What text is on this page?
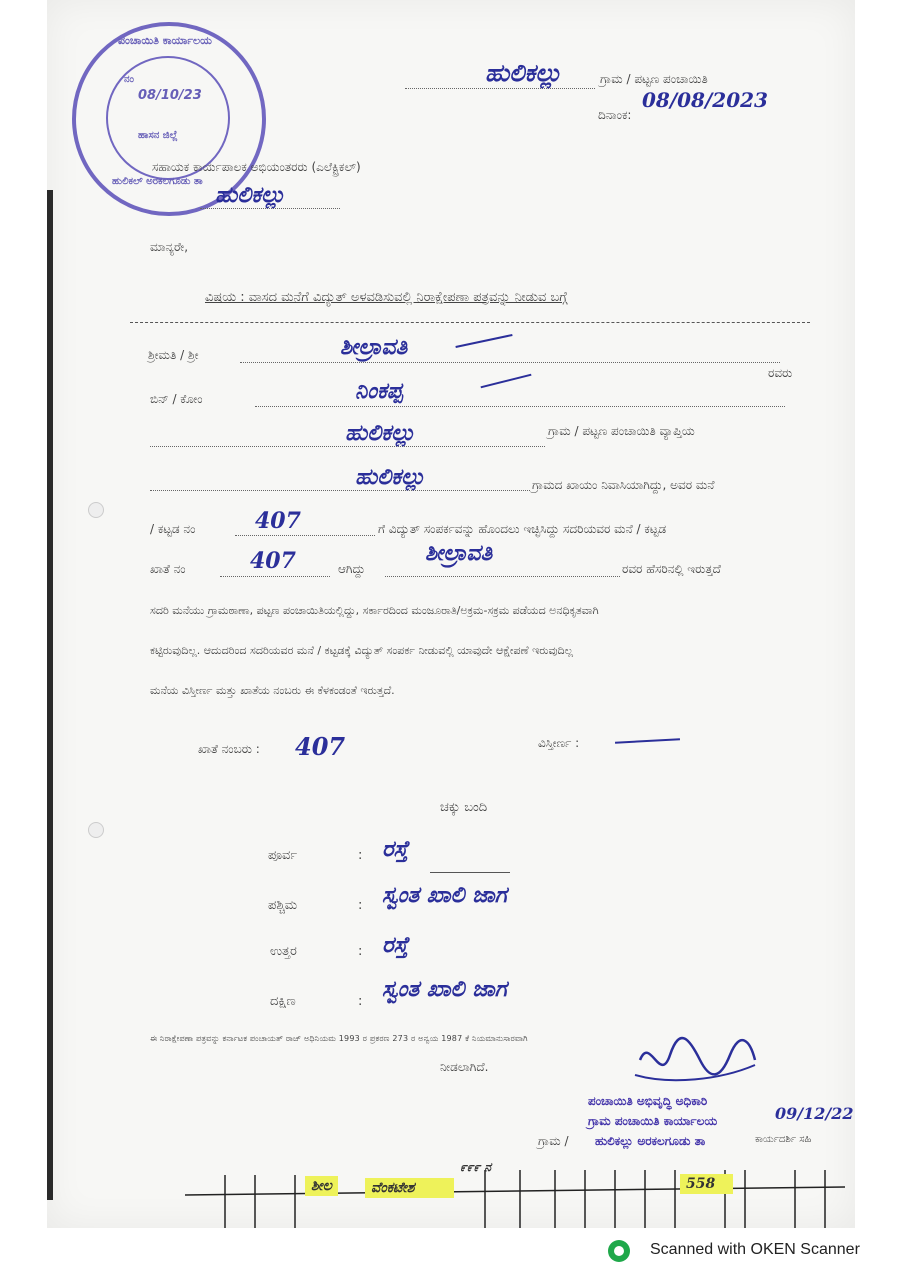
ಪಂಚಾಯಿತಿ ಕಾರ್ಯಾಲಯ
ನಂ
08/10/23
ಹಾಸನ ಜಿಲ್ಲೆ
ಹುಲಿಕಲ್ ಅರಕಲಗೂಡು ತಾ
ಹುಲಿಕಲ್ಲು	ಗ್ರಾಮ / ಪಟ್ಟಣ ಪಂಚಾಯಿತಿ
ದಿನಾಂಕ:
08/08/2023
ಸಹಾಯಕ ಕಾರ್ಯಪಾಲಕ ಅಭಿಯಂತರರು (ಎಲೆಕ್ಟ್ರಿಕಲ್)
ಹುಲಿಕಲ್ಲು
ಮಾನ್ಯರೇ,
ವಿಷಯ : ವಾಸದ ಮನೆಗೆ ವಿದ್ಯುತ್ ಅಳವಡಿಸುವಲ್ಲಿ ನಿರಾಕ್ಷೇಪಣಾ ಪತ್ರವನ್ನು ನೀಡುವ ಬಗ್ಗೆ
ಶ್ರೀಮತಿ / ಶ್ರೀ	ಶೀಲ್ರಾವತಿ
ರವರು
ಬಿನ್ / ಕೋಂ	ನಿಂಕಪ್ಪ
ಹುಲಿಕಲ್ಲು	ಗ್ರಾಮ / ಪಟ್ಟಣ ಪಂಚಾಯಿತಿ ವ್ಯಾಪ್ತಿಯ
ಹುಲಿಕಲ್ಲು	ಗ್ರಾಮದ ಖಾಯಂ ನಿವಾಸಿಯಾಗಿದ್ದು, ಅವರ ಮನೆ
/ ಕಟ್ಟಡ ನಂ	407	ಗೆ ವಿದ್ಯುತ್ ಸಂಪರ್ಕವನ್ನು ಹೊಂದಲು ಇಚ್ಛಿಸಿದ್ದು ಸದರಿಯವರ ಮನೆ / ಕಟ್ಟಡ
ಖಾತೆ ನಂ	407	ಆಗಿದ್ದು
ಶೀಲ್ರಾವತಿ
ರವರ ಹೆಸರಿನಲ್ಲಿ ಇರುತ್ತದೆ
ಸದರಿ ಮನೆಯು ಗ್ರಾಮಠಾಣಾ, ಪಟ್ಟಣ ಪಂಚಾಯಿತಿಯಲ್ಲಿದ್ದು, ಸರ್ಕಾರದಿಂದ ಮಂಜೂರಾತಿ/ಅಕ್ರಮ-ಸಕ್ರಮ ಪಡೆಯದ ಅನಧಿಕೃತವಾಗಿ
ಕಟ್ಟಿರುವುದಿಲ್ಲ. ಆದುದರಿಂದ ಸದರಿಯವರ ಮನೆ / ಕಟ್ಟಡಕ್ಕೆ ವಿದ್ಯುತ್ ಸಂಪರ್ಕ ನೀಡುವಲ್ಲಿ ಯಾವುದೇ ಆಕ್ಷೇಪಣೆ ಇರುವುದಿಲ್ಲ
ಮನೆಯ ವಿಸ್ತೀರ್ಣ ಮತ್ತು ಖಾತೆಯ ನಂಬರು ಈ ಕೆಳಕಂಡಂತೆ ಇರುತ್ತದೆ.
ಖಾತೆ ನಂಬರು : 407	ವಿಸ್ತೀರ್ಣ :
ಚಕ್ಕು ಬಂದಿ
ಪೂರ್ವ	: ರಸ್ತೆ
ಪಶ್ಚಿಮ	: ಸ್ವಂತ ಖಾಲಿ ಜಾಗ
ಉತ್ತರ	: ರಸ್ತೆ
ದಕ್ಷಿಣ	: ಸ್ವಂತ ಖಾಲಿ ಜಾಗ
ಈ ನಿರಾಕ್ಷೇಪಣಾ ಪತ್ರವನ್ನು ಕರ್ನಾಟಕ ಪಂಚಾಯತ್ ರಾಜ್ ಅಧಿನಿಯಮ 1993 ರ ಪ್ರಕರಣ 273 ರ ಅನ್ವಯ 1987 ಕೆ ನಿಯಮಾನುಸಾರವಾಗಿ
ನೀಡಲಾಗಿದೆ.
ಪಂಚಾಯಿತಿ ಅಭಿವೃದ್ಧಿ ಅಧಿಕಾರಿ
ಗ್ರಾಮ ಪಂಚಾಯಿತಿ ಕಾರ್ಯಾಲಯ
ಹುಲಿಕಲ್ಲು ಅರಕಲಗೂಡು ತಾ
09/12/22
ಗ್ರಾಮ /	ಕಾರ್ಯದರ್ಶಿ ಸಹಿ
ಶೀಲ	ವೆಂಕಟೇಶ
೯೯೯ ನ
558
Scanned with OKEN Scanner
